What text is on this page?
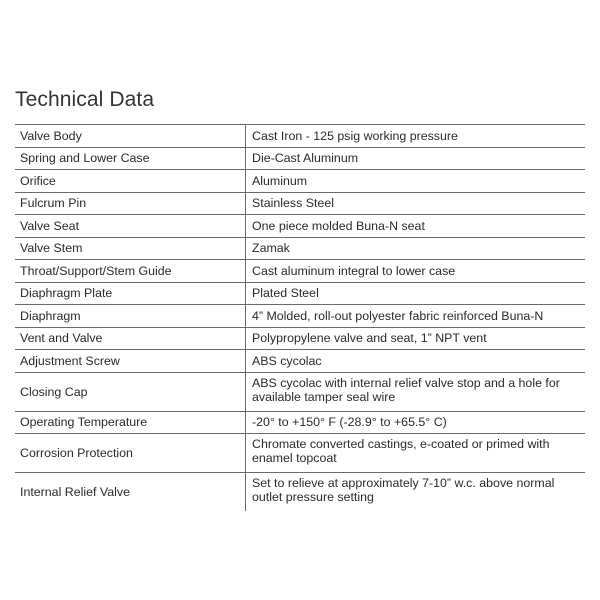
Technical Data
Valve Body	Cast Iron - 125 psig working pressure
Spring and Lower Case	Die-Cast Aluminum
Orifice	Aluminum
Fulcrum Pin	Stainless Steel
Valve Seat	One piece molded Buna-N seat
Valve Stem	Zamak
Throat/Support/Stem Guide	Cast aluminum integral to lower case
Diaphragm Plate	Plated Steel
Diaphragm	4” Molded, roll-out polyester fabric reinforced Buna-N
Vent and Valve	Polypropylene valve and seat, 1” NPT vent
Adjustment Screw	ABS cycolac
Closing Cap	ABS cycolac with internal relief valve stop and a hole for available tamper seal wire
Operating Temperature	-20° to +150° F (-28.9° to +65.5° C)
Corrosion Protection	Chromate converted castings, e-coated or primed with enamel topcoat
Internal Relief Valve	Set to relieve at approximately 7-10” w.c. above normal outlet pressure setting
